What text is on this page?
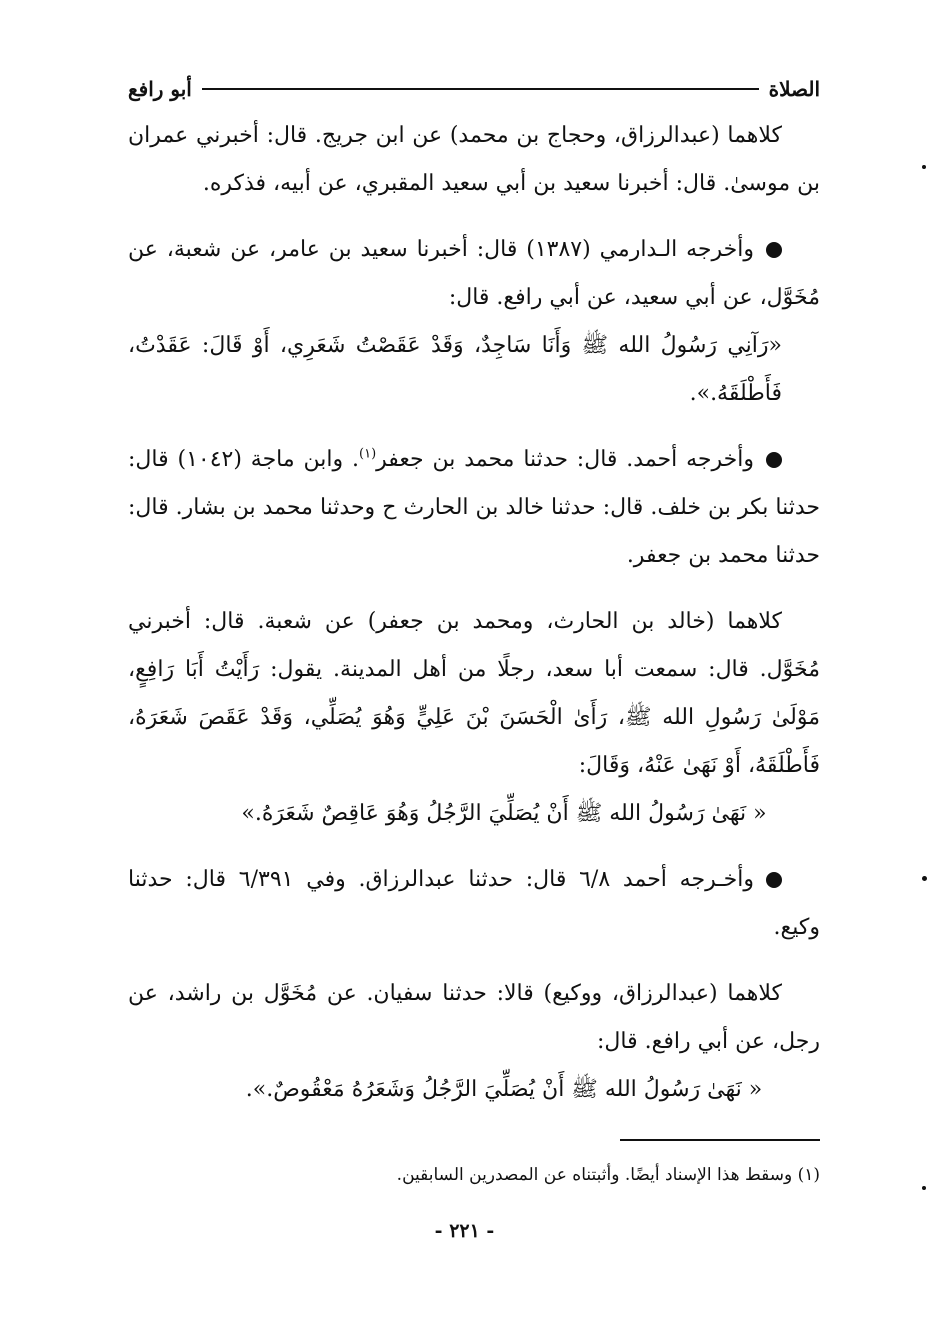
الصلاة
أبو رافع

كلاهما (عبدالرزاق، وحجاج بن محمد) عن ابن جريج. قال: أخبرني عمران بن موسىٰ. قال: أخبرنا سعيد بن أبي سعيد المقبري، عن أبيه، فذكره.

وأخرجه الـدارمي (١٣٨٧) قال: أخبرنا سعيد بن عامر، عن شعبة، عن مُخَوَّل، عن أبي سعيد، عن أبي رافع. قال:

«رَآنِي رَسُولُ الله ﷺ وَأَنَا سَاجِدٌ، وَقَدْ عَقَصْتُ شَعَرِي، أَوْ قَالَ: عَقَدْتُ، فَأَطْلَقَهُ.».

وأخرجه أحمد. قال: حدثنا محمد بن جعفر$^{(١)}$. وابن ماجة (١٠٤٢) قال: حدثنا بكر بن خلف. قال: حدثنا خالد بن الحارث ح وحدثنا محمد بن بشار. قال: حدثنا محمد بن جعفر.

كلاهما (خالد بن الحارث، ومحمد بن جعفر) عن شعبة. قال: أخبرني مُخَوَّل. قال: سمعت أبا سعد، رجلًا من أهل المدينة. يقول: رَأَيْتُ أَبَا رَافِعٍ، مَوْلَىٰ رَسُولِ الله ﷺ، رَأَىٰ الْحَسَنَ بْنَ عَلِيٍّ وَهُوَ يُصَلِّي، وَقَدْ عَقَصَ شَعَرَهُ، فَأَطْلَقَهُ، أَوْ نَهَىٰ عَنْهُ، وَقَالَ:

« نَهَىٰ رَسُولُ الله ﷺ أَنْ يُصَلِّيَ الرَّجُلُ وَهُوَ عَاقِصٌ شَعَرَهُ.»

وأخـرجه أحمد ٦/٨ قال: حدثنا عبدالرزاق. وفي ٦/٣٩١ قال: حدثنا وكيع.

كلاهما (عبدالرزاق، ووكيع) قالا: حدثنا سفيان. عن مُخَوَّل بن راشد، عن رجل، عن أبي رافع. قال:

« نَهَىٰ رَسُولُ الله ﷺ أَنْ يُصَلِّيَ الرَّجُلُ وَشَعَرُهُ مَعْقُوصٌ.».

(١) وسقط هذا الإسناد أيضًا. وأثبتناه عن المصدرين السابقين.
- ٢٢١ -
